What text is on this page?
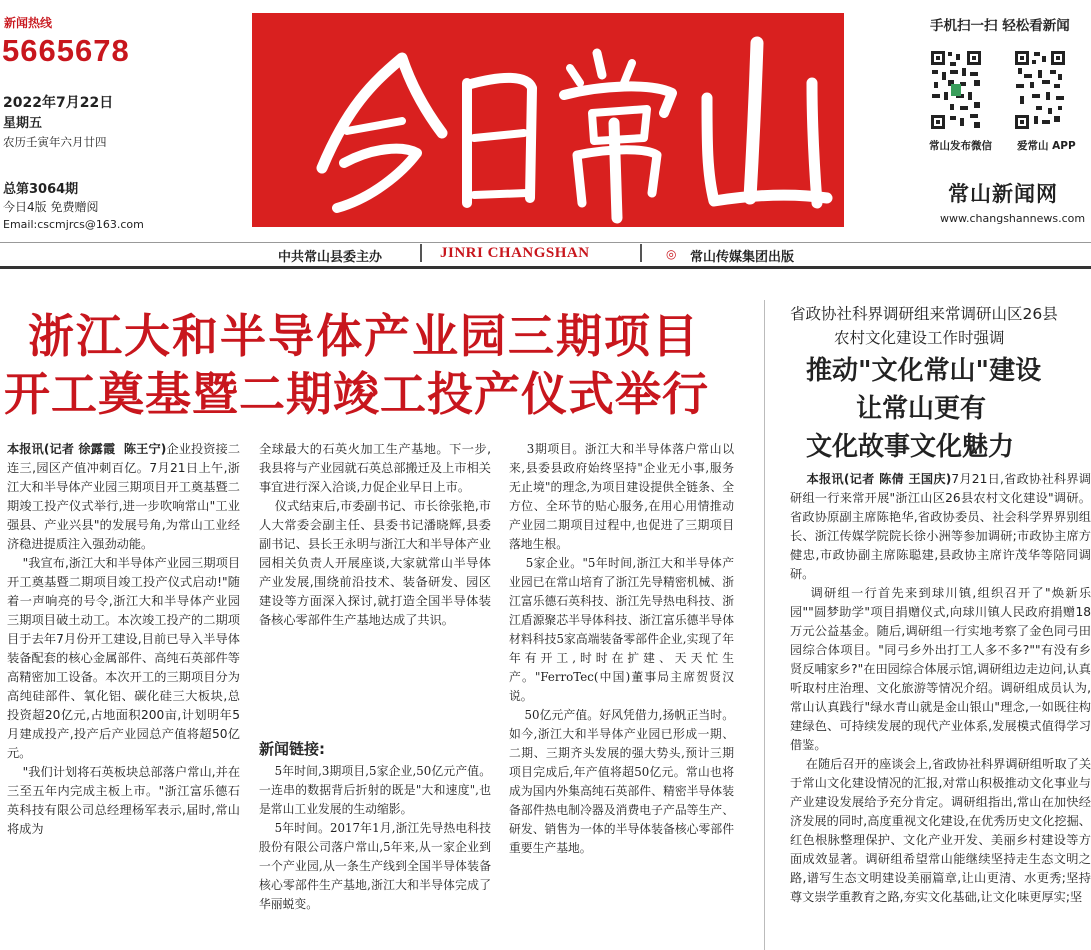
新闻热线
5665678
2022年7月22日
星期五
农历壬寅年六月廿四
总第3064期
今日4版 免费赠阅
Email:cscmjrcs@163.com
手机扫一扫 轻松看新闻
常山发布微信 爱常山 APP
常山新闻网
www.changshannews.com
中共常山县委主办	JINRI CHANGSHAN	◎ 常山传媒集团出版
浙江大和半导体产业园三期项目
开工奠基暨二期竣工投产仪式举行
本报讯(记者 徐露霞  陈王宁)企业投资接二连三,园区产值冲刺百亿。7月21日上午,浙江大和半导体产业园三期项目开工奠基暨二期竣工投产仪式举行,进一步吹响常山"工业强县、产业兴县"的发展号角,为常山工业经济稳进提质注入强劲动能。
"我宣布,浙江大和半导体产业园三期项目开工奠基暨二期项目竣工投产仪式启动!"随着一声响亮的号令,浙江大和半导体产业园三期项目破土动工。本次竣工投产的二期项目于去年7月份开工建设,目前已导入半导体装备配套的核心金属部件、高纯石英部件等高精密加工设备。本次开工的三期项目分为高纯硅部件、氧化铝、碳化硅三大板块,总投资超20亿元,占地面积200亩,计划明年5月建成投产,投产后产业园总产值将超50亿元。
"我们计划将石英板块总部落户常山,并在三至五年内完成主板上市。"浙江富乐德石英科技有限公司总经理杨军表示,届时,常山将成为
全球最大的石英火加工生产基地。下一步,我县将与产业园就石英总部搬迁及上市相关事宜进行深入洽谈,力促企业早日上市。
仪式结束后,市委副书记、市长徐张艳,市人大常委会副主任、县委书记潘晓辉,县委副书记、县长王永明与浙江大和半导体产业园相关负责人开展座谈,大家就常山半导体产业发展,围绕前沿技术、装备研发、园区建设等方面深入探讨,就打造全国半导体装备核心零部件生产基地达成了共识。
新闻链接:
5年时间,3期项目,5家企业,50亿元产值。一连串的数据背后折射的既是"大和速度",也是常山工业发展的生动缩影。
5年时间。2017年1月,浙江先导热电科技股份有限公司落户常山,5年来,从一家企业到一个产业园,从一条生产线到全国半导体装备核心零部件生产基地,浙江大和半导体完成了华丽蜕变。
3期项目。浙江大和半导体落户常山以来,县委县政府始终坚持"企业无小事,服务无止境"的理念,为项目建设提供全链条、全方位、全环节的贴心服务,在用心用情推动产业园二期项目过程中,也促进了三期项目落地生根。
5家企业。"5年时间,浙江大和半导体产业园已在常山培育了浙江先导精密机械、浙江富乐德石英科技、浙江先导热电科技、浙江盾源聚芯半导体科技、浙江富乐德半导体材料科技5家高端装备零部件企业,实现了年年有开工,时时在扩建、天天忙生产。"FerroTec(中国)董事局主席贺贤汉说。
50亿元产值。好风凭借力,扬帆正当时。如今,浙江大和半导体产业园已形成一期、二期、三期齐头发展的强大势头,预计三期项目完成后,年产值将超50亿元。常山也将成为国内外集高纯石英部件、精密半导体装备部件热电制冷器及消费电子产品等生产、研发、销售为一体的半导体装备核心零部件重要生产基地。
省政协社科界调研组来常调研山区26县
农村文化建设工作时强调
推动"文化常山"建设
让常山更有
文化故事文化魅力
本报讯(记者 陈倩 王国庆)7月21日,省政协社科界调研组一行来常开展"浙江山区26县农村文化建设"调研。省政协原副主席陈艳华,省政协委员、社会科学界界别组长、浙江传媒学院院长徐小洲等参加调研;市政协主席方健忠,市政协副主席陈聪建,县政协主席许茂华等陪同调研。
调研组一行首先来到球川镇,组织召开了"焕新乐园""圆梦助学"项目捐赠仪式,向球川镇人民政府捐赠18万元公益基金。随后,调研组一行实地考察了金色同弓田园综合体项目。"同弓乡外出打工人多不多?""有没有乡贤反哺家乡?"在田园综合体展示馆,调研组边走边问,认真听取村庄治理、文化旅游等情况介绍。调研组成员认为,常山认真践行"绿水青山就是金山银山"理念,一如既往构建绿色、可持续发展的现代产业体系,发展模式值得学习借鉴。
在随后召开的座谈会上,省政协社科界调研组听取了关于常山文化建设情况的汇报,对常山积极推动文化事业与产业建设发展给予充分肯定。调研组指出,常山在加快经济发展的同时,高度重视文化建设,在优秀历史文化挖掘、红色根脉整理保护、文化产业开发、美丽乡村建设等方面成效显著。调研组希望常山能继续坚持走生态文明之路,谱写生态文明建设美丽篇章,让山更清、水更秀;坚持尊文崇学重教育之路,夯实文化基础,让文化味更厚实;坚
